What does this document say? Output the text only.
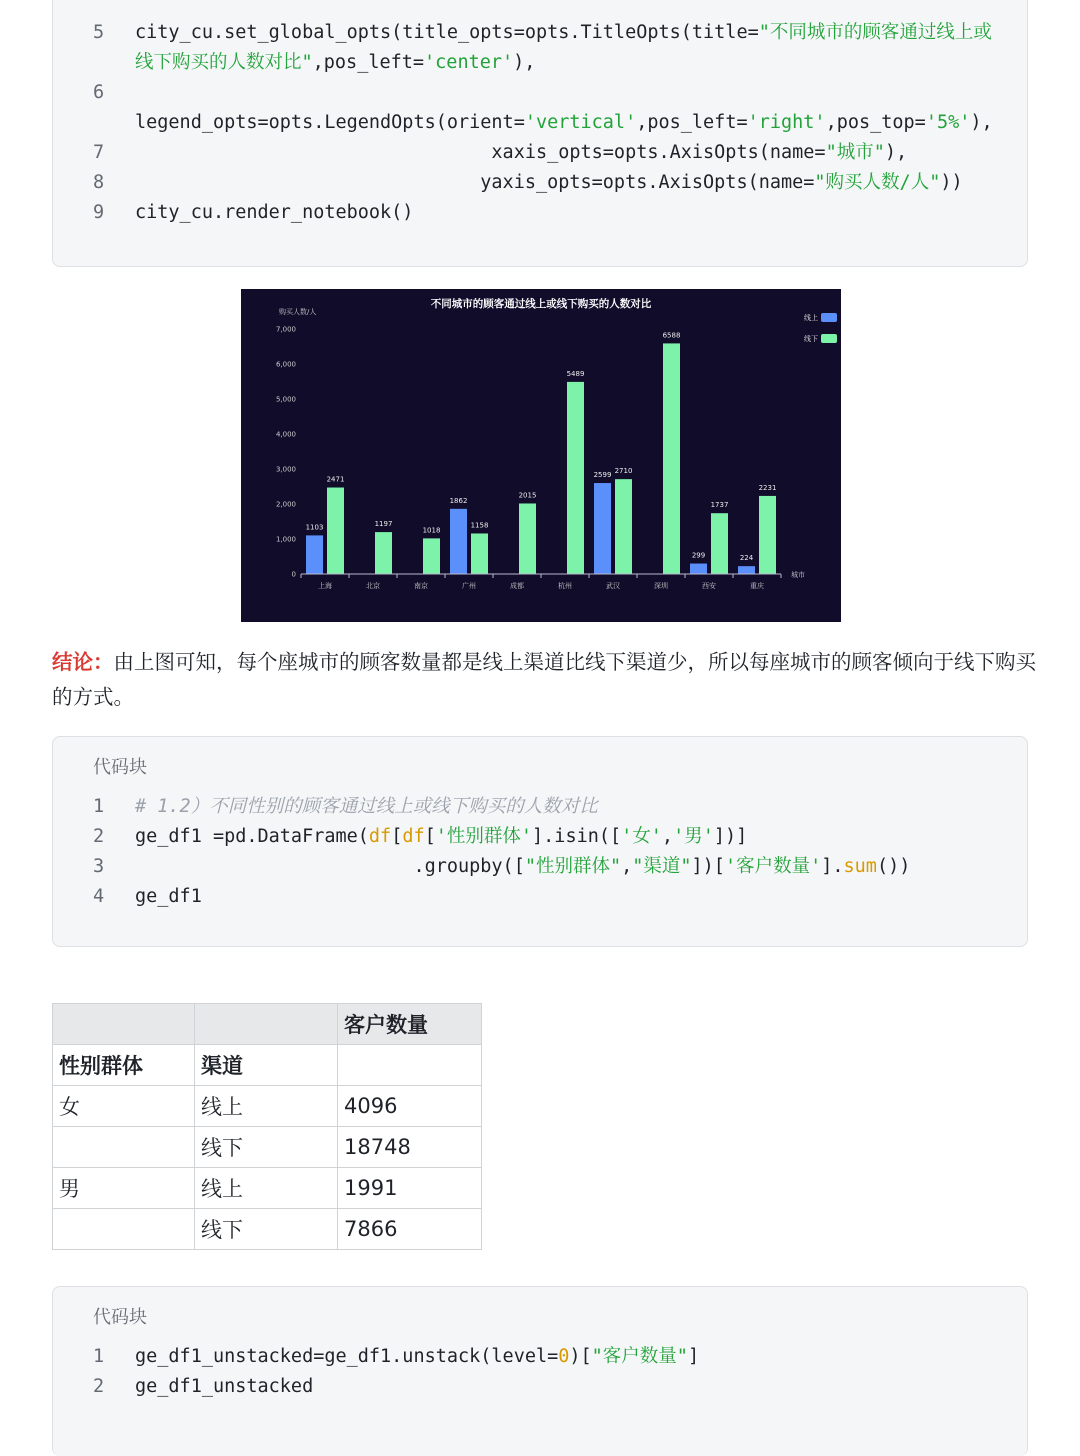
5	city_cu.set_global_opts(title_opts=opts.TitleOpts(title="不同城市的顾客通过线上或
线下购买的人数对比",pos_left='center'),
6
legend_opts=opts.LegendOpts(orient='vertical',pos_left='right',pos_top='5%'),
7	xaxis_opts=opts.AxisOpts(name="城市"),
8	yaxis_opts=opts.AxisOpts(name="购买人数/人"))
9	city_cu.render_notebook()
不同城市的顾客通过线上或线下购买的人数对比
购买人数/人
城市
线上
线下
0
1,000
2,000
3,000
4,000
5,000
6,000
7,000
1103
1862
2599
299	224
2471
1197
1018
1158
2015
5489
2710
6588
1737
2231
上海	北京	南京	广州	成都	杭州	武汉	深圳	西安	重庆
结论：由上图可知，每个座城市的顾客数量都是线上渠道比线下渠道少，所以每座城市的顾客倾向于线下购买的方式。
代码块
1	# 1.2）不同性别的顾客通过线上或线下购买的人数对比
2	ge_df1 =pd.DataFrame(df[df['性别群体'].isin(['女','男'])]
3	.groupby(["性别群体","渠道"])['客户数量'].sum())
4	ge_df1
		客户数量
性别群体	渠道	
女	线上	4096
	线下	18748
男	线上	1991
	线下	7866
代码块
1	ge_df1_unstacked=ge_df1.unstack(level=0)["客户数量"]
2	ge_df1_unstacked
